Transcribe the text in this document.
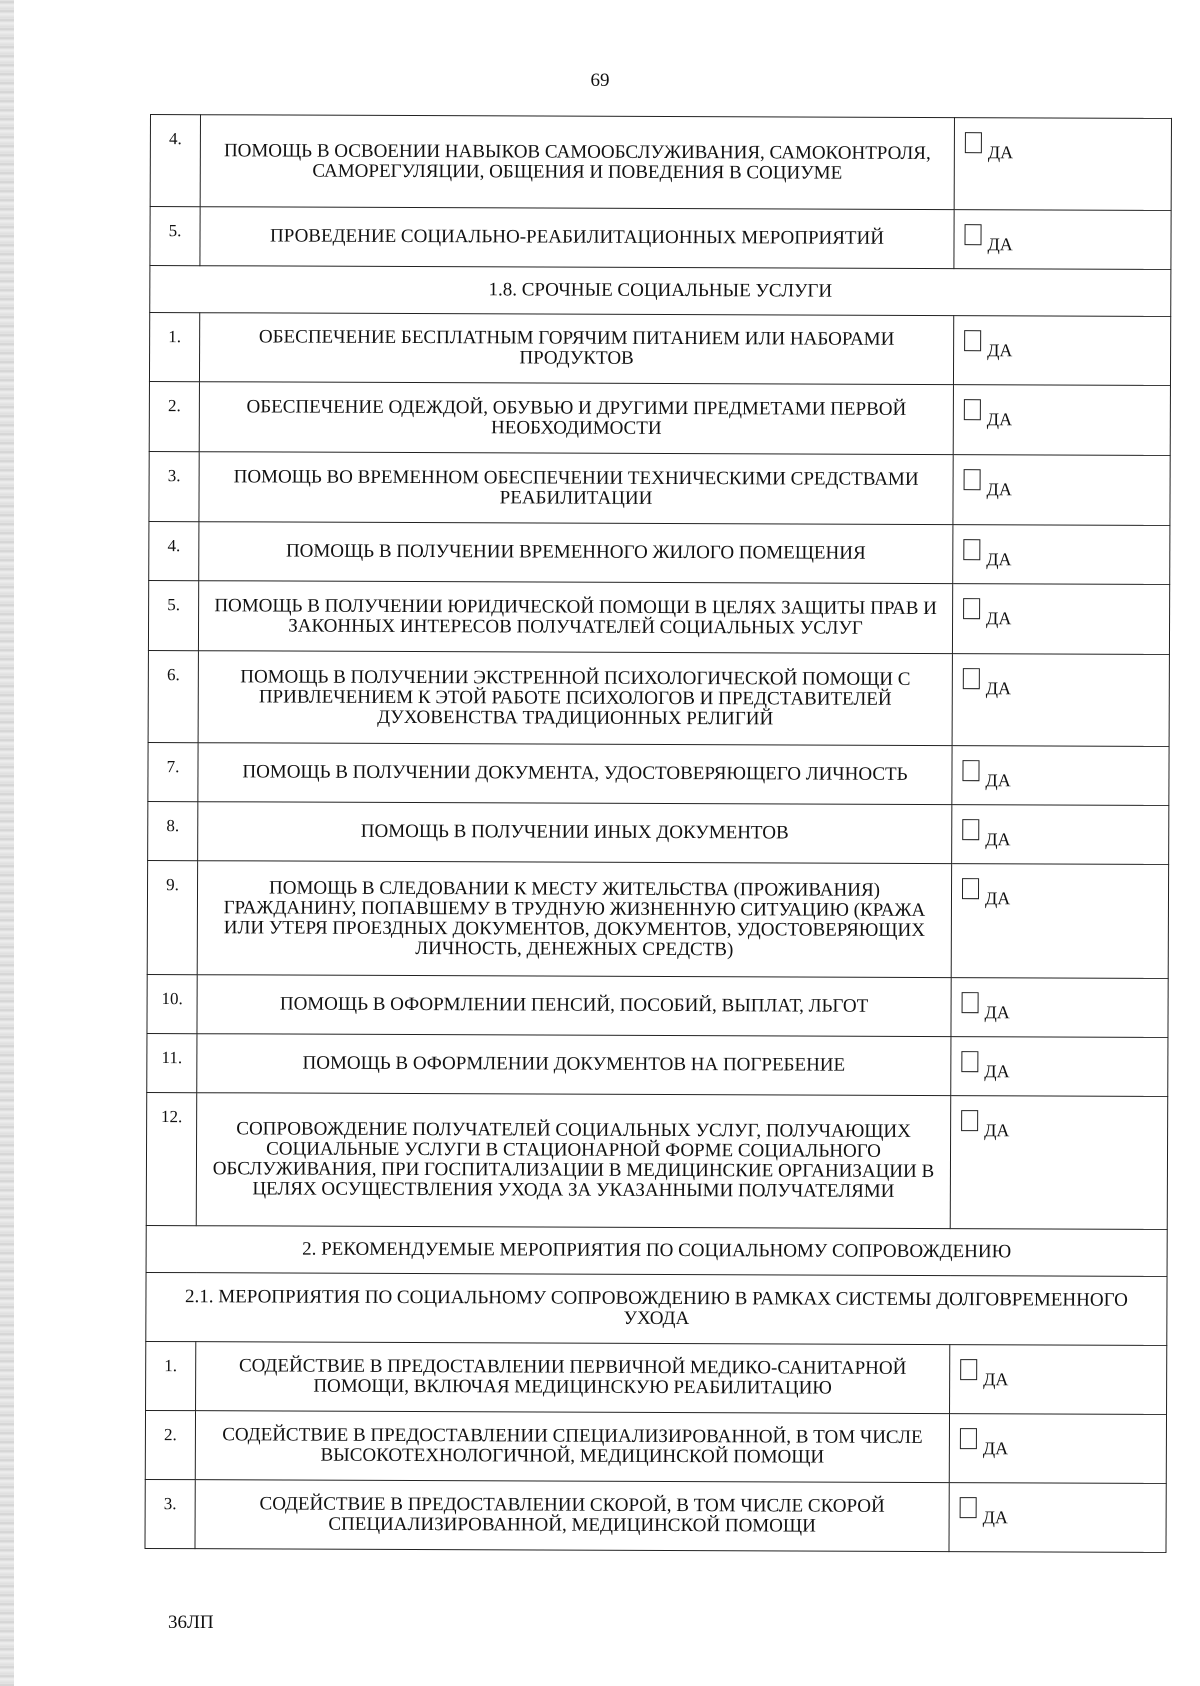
69
4.	ПОМОЩЬ В ОСВОЕНИИ НАВЫКОВ САМООБСЛУЖИВАНИЯ, САМОКОНТРОЛЯ, САМОРЕГУЛЯЦИИ, ОБЩЕНИЯ И ПОВЕДЕНИЯ В СОЦИУМЕ	ДА
5.	ПРОВЕДЕНИЕ СОЦИАЛЬНО-РЕАБИЛИТАЦИОННЫХ МЕРОПРИЯТИЙ	ДА
1.8. СРОЧНЫЕ СОЦИАЛЬНЫЕ УСЛУГИ		
1.	ОБЕСПЕЧЕНИЕ БЕСПЛАТНЫМ ГОРЯЧИМ ПИТАНИЕМ ИЛИ НАБОРАМИ ПРОДУКТОВ	ДА
2.	ОБЕСПЕЧЕНИЕ ОДЕЖДОЙ, ОБУВЬЮ И ДРУГИМИ ПРЕДМЕТАМИ ПЕРВОЙ НЕОБХОДИМОСТИ	ДА
3.	ПОМОЩЬ ВО ВРЕМЕННОМ ОБЕСПЕЧЕНИИ ТЕХНИЧЕСКИМИ СРЕДСТВАМИ РЕАБИЛИТАЦИИ	ДА
4.	ПОМОЩЬ В ПОЛУЧЕНИИ ВРЕМЕННОГО ЖИЛОГО ПОМЕЩЕНИЯ	ДА
5.	ПОМОЩЬ В ПОЛУЧЕНИИ ЮРИДИЧЕСКОЙ ПОМОЩИ В ЦЕЛЯХ ЗАЩИТЫ ПРАВ И ЗАКОННЫХ ИНТЕРЕСОВ ПОЛУЧАТЕЛЕЙ СОЦИАЛЬНЫХ УСЛУГ	ДА
6.	ПОМОЩЬ В ПОЛУЧЕНИИ ЭКСТРЕННОЙ ПСИХОЛОГИЧЕСКОЙ ПОМОЩИ С ПРИВЛЕЧЕНИЕМ К ЭТОЙ РАБОТЕ ПСИХОЛОГОВ И ПРЕДСТАВИТЕЛЕЙ ДУХОВЕНСТВА ТРАДИЦИОННЫХ РЕЛИГИЙ	ДА
7.	ПОМОЩЬ В ПОЛУЧЕНИИ ДОКУМЕНТА, УДОСТОВЕРЯЮЩЕГО ЛИЧНОСТЬ	ДА
8.	ПОМОЩЬ В ПОЛУЧЕНИИ ИНЫХ ДОКУМЕНТОВ	ДА
9.	ПОМОЩЬ В СЛЕДОВАНИИ К МЕСТУ ЖИТЕЛЬСТВА (ПРОЖИВАНИЯ) ГРАЖДАНИНУ, ПОПАВШЕМУ В ТРУДНУЮ ЖИЗНЕННУЮ СИТУАЦИЮ (КРАЖА ИЛИ УТЕРЯ ПРОЕЗДНЫХ ДОКУМЕНТОВ, ДОКУМЕНТОВ, УДОСТОВЕРЯЮЩИХ ЛИЧНОСТЬ, ДЕНЕЖНЫХ СРЕДСТВ)	ДА
10.	ПОМОЩЬ В ОФОРМЛЕНИИ ПЕНСИЙ, ПОСОБИЙ, ВЫПЛАТ, ЛЬГОТ	ДА
11.	ПОМОЩЬ В ОФОРМЛЕНИИ ДОКУМЕНТОВ НА ПОГРЕБЕНИЕ	ДА
12.	СОПРОВОЖДЕНИЕ ПОЛУЧАТЕЛЕЙ СОЦИАЛЬНЫХ УСЛУГ, ПОЛУЧАЮЩИХ СОЦИАЛЬНЫЕ УСЛУГИ В СТАЦИОНАРНОЙ ФОРМЕ СОЦИАЛЬНОГО ОБСЛУЖИВАНИЯ, ПРИ ГОСПИТАЛИЗАЦИИ В МЕДИЦИНСКИЕ ОРГАНИЗАЦИИ В ЦЕЛЯХ ОСУЩЕСТВЛЕНИЯ УХОДА ЗА УКАЗАННЫМИ ПОЛУЧАТЕЛЯМИ	ДА
2. РЕКОМЕНДУЕМЫЕ МЕРОПРИЯТИЯ ПО СОЦИАЛЬНОМУ СОПРОВОЖДЕНИЮ		
2.1. МЕРОПРИЯТИЯ ПО СОЦИАЛЬНОМУ СОПРОВОЖДЕНИЮ В РАМКАХ СИСТЕМЫ ДОЛГОВРЕМЕННОГО УХОДА		
1.	СОДЕЙСТВИЕ В ПРЕДОСТАВЛЕНИИ ПЕРВИЧНОЙ МЕДИКО-САНИТАРНОЙ ПОМОЩИ, ВКЛЮЧАЯ МЕДИЦИНСКУЮ РЕАБИЛИТАЦИЮ	ДА
2.	СОДЕЙСТВИЕ В ПРЕДОСТАВЛЕНИИ СПЕЦИАЛИЗИРОВАННОЙ, В ТОМ ЧИСЛЕ ВЫСОКОТЕХНОЛОГИЧНОЙ, МЕДИЦИНСКОЙ ПОМОЩИ	ДА
3.	СОДЕЙСТВИЕ В ПРЕДОСТАВЛЕНИИ СКОРОЙ, В ТОМ ЧИСЛЕ СКОРОЙ СПЕЦИАЛИЗИРОВАННОЙ, МЕДИЦИНСКОЙ ПОМОЩИ	ДА
36ЛП
